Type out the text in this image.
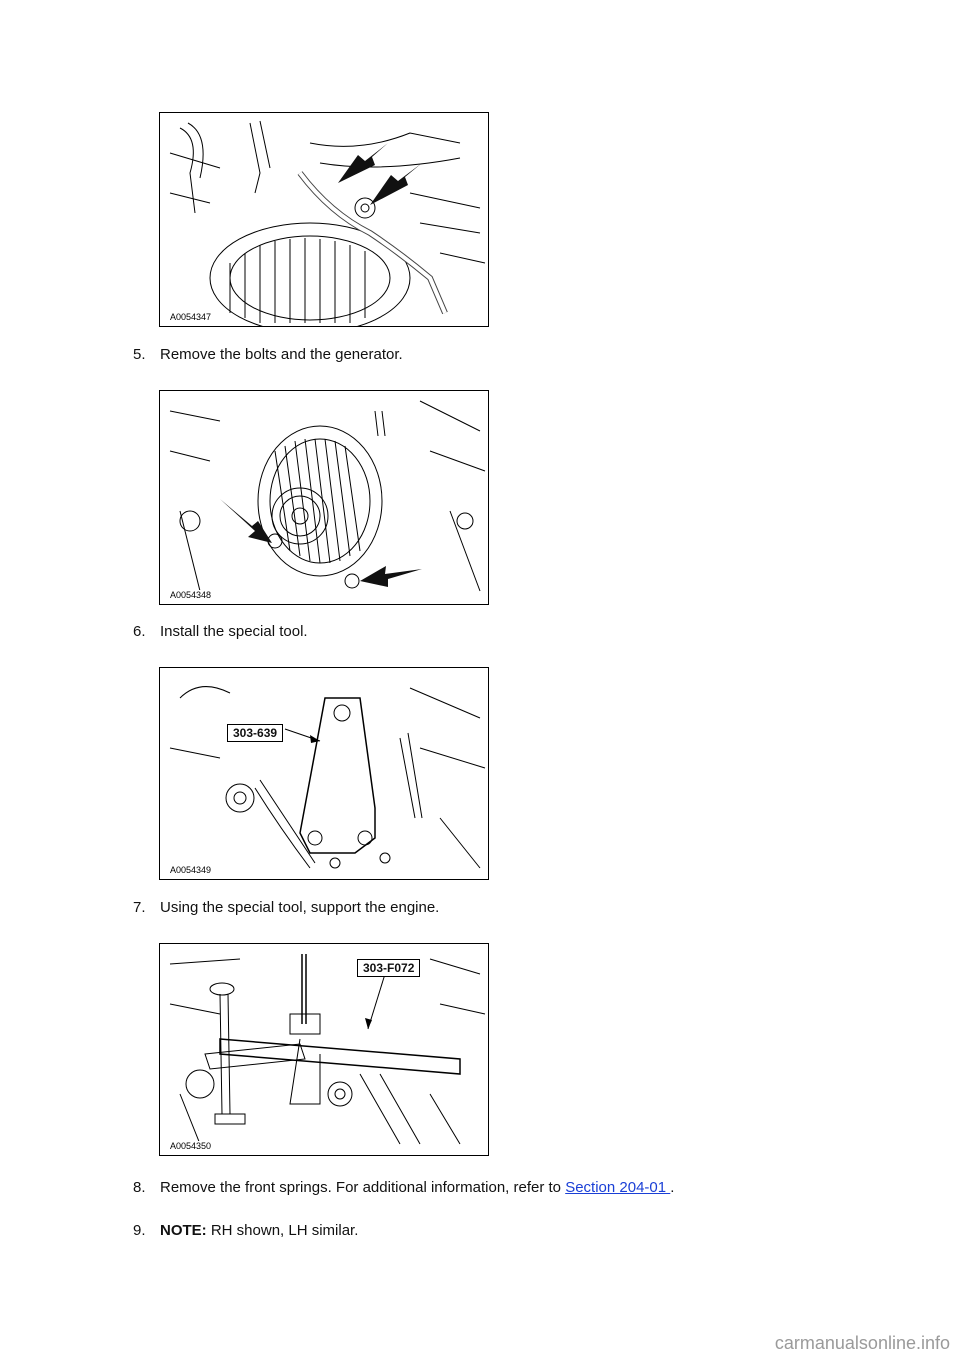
A0054347
5. Remove the bolts and the generator.
A0054348
6. Install the special tool.
303-639
A0054349
7. Using the special tool, support the engine.
303-F072
A0054350
8. Remove the front springs. For additional information, refer to Section 204-01 .
9. NOTE: RH shown, LH similar.
carmanualsonline.info
